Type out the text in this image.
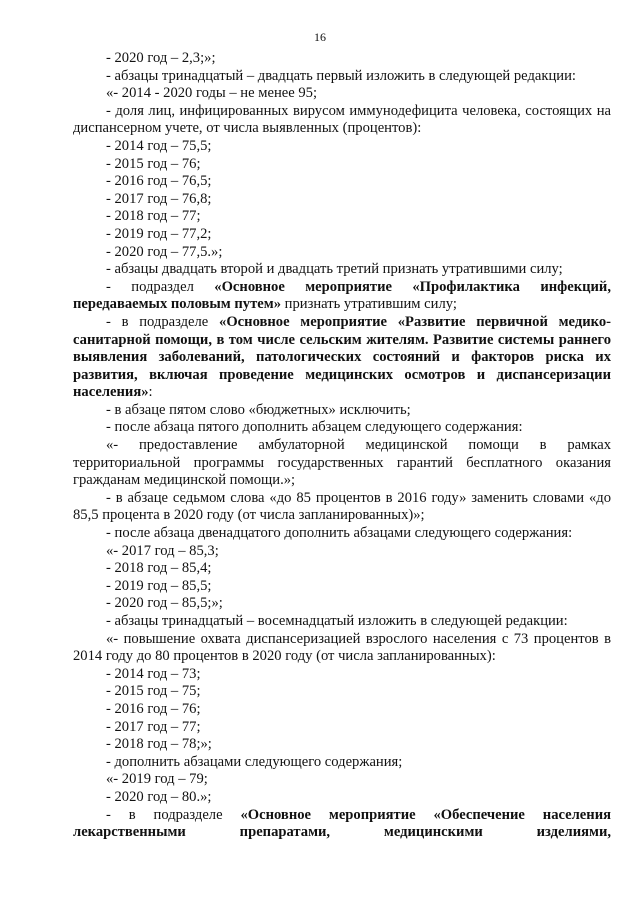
16

- 2020 год – 2,3;»;

- абзацы тринадцатый – двадцать первый изложить в следующей редакции:

«- 2014 - 2020 годы – не менее 95;

- доля лиц, инфицированных вирусом иммунодефицита человека, состоящих на диспансерном учете, от числа выявленных (процентов):

- 2014 год – 75,5;

- 2015 год – 76;

- 2016 год – 76,5;

- 2017 год – 76,8;

- 2018 год – 77;

- 2019 год – 77,2;

- 2020 год – 77,5.»;

- абзацы двадцать второй и двадцать третий признать утратившими силу;

- подраздел «Основное мероприятие «Профилактика инфекций, передаваемых половым путем» признать утратившим силу;

- в подразделе «Основное мероприятие «Развитие первичной медико-санитарной помощи, в том числе сельским жителям. Развитие системы раннего выявления заболеваний, патологических состояний и факторов риска их развития, включая проведение медицинских осмотров и диспансеризации населения»:

- в абзаце пятом слово «бюджетных» исключить;

- после абзаца пятого дополнить абзацем следующего содержания:

«- предоставление амбулаторной медицинской помощи в рамках территориальной программы государственных гарантий бесплатного оказания гражданам медицинской помощи.»;

- в абзаце седьмом слова «до 85 процентов в 2016 году» заменить словами «до 85,5 процента в 2020 году (от числа запланированных)»;

- после абзаца двенадцатого дополнить абзацами следующего содержания:

«- 2017 год – 85,3;

- 2018 год – 85,4;

- 2019 год – 85,5;

- 2020 год – 85,5;»;

- абзацы тринадцатый – восемнадцатый изложить в следующей редакции:

«- повышение охвата диспансеризацией взрослого населения с 73 процентов в 2014 году до 80 процентов в 2020 году (от числа запланированных):

- 2014 год – 73;

- 2015 год – 75;

- 2016 год – 76;

- 2017 год – 77;

- 2018 год – 78;»;

- дополнить абзацами следующего содержания;

«- 2019 год – 79;

- 2020 год – 80.»;

- в подразделе «Основное мероприятие «Обеспечение населения лекарственными препаратами, медицинскими изделиями,
